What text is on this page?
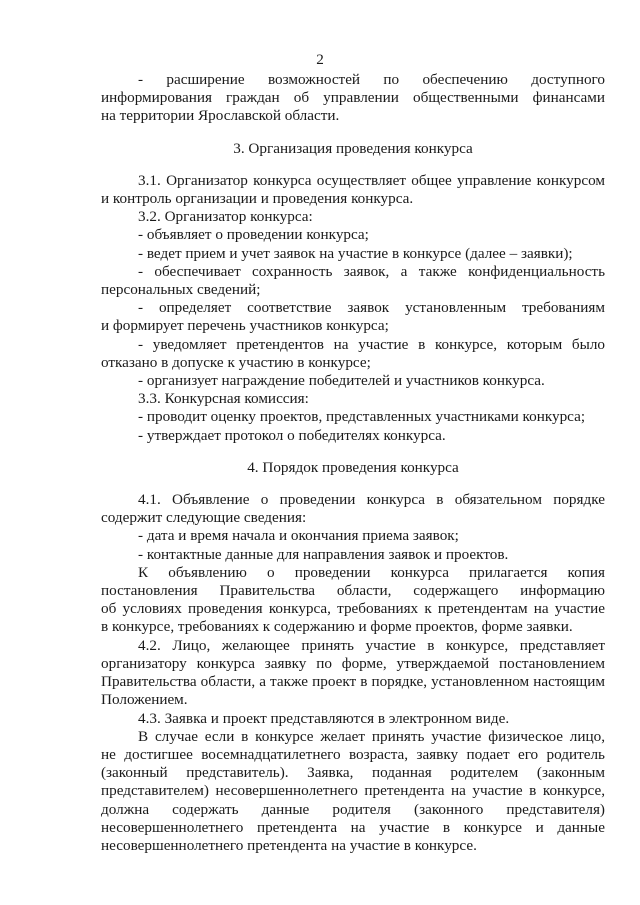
2

- расширение возможностей по обеспечению доступного

информирования граждан об управлении общественными финансами

на территории Ярославской области.

3. Организация проведения конкурса

3.1. Организатор конкурса осуществляет общее управление конкурсом

и контроль организации и проведения конкурса.

3.2. Организатор конкурса:

- объявляет о проведении конкурса;

- ведет прием и учет заявок на участие в конкурсе (далее – заявки);

- обеспечивает сохранность заявок, а также конфиденциальность

персональных сведений;

- определяет соответствие заявок установленным требованиям

и формирует перечень участников конкурса;

- уведомляет претендентов на участие в конкурсе, которым было

отказано в допуске к участию в конкурсе;

- организует награждение победителей и участников конкурса.

3.3. Конкурсная комиссия:

- проводит оценку проектов, представленных участниками конкурса;

- утверждает протокол о победителях конкурса.

4. Порядок проведения конкурса

4.1. Объявление о проведении конкурса в обязательном порядке

содержит следующие сведения:

- дата и время начала и окончания приема заявок;

- контактные данные для направления заявок и проектов.

К объявлению о проведении конкурса прилагается копия

постановления Правительства области, содержащего информацию

об условиях проведения конкурса, требованиях к претендентам на участие

в конкурсе, требованиях к содержанию и форме проектов, форме заявки.

4.2. Лицо, желающее принять участие в конкурсе, представляет

организатору конкурса заявку по форме, утверждаемой постановлением

Правительства области, а также проект в порядке, установленном настоящим

Положением.

4.3. Заявка и проект представляются в электронном виде.

В случае если в конкурсе желает принять участие физическое лицо,

не достигшее восемнадцатилетнего возраста, заявку подает его родитель

(законный представитель). Заявка, поданная родителем (законным

представителем) несовершеннолетнего претендента на участие в конкурсе,

должна содержать данные родителя (законного представителя)

несовершеннолетнего претендента на участие в конкурсе и данные

несовершеннолетнего претендента на участие в конкурсе.
